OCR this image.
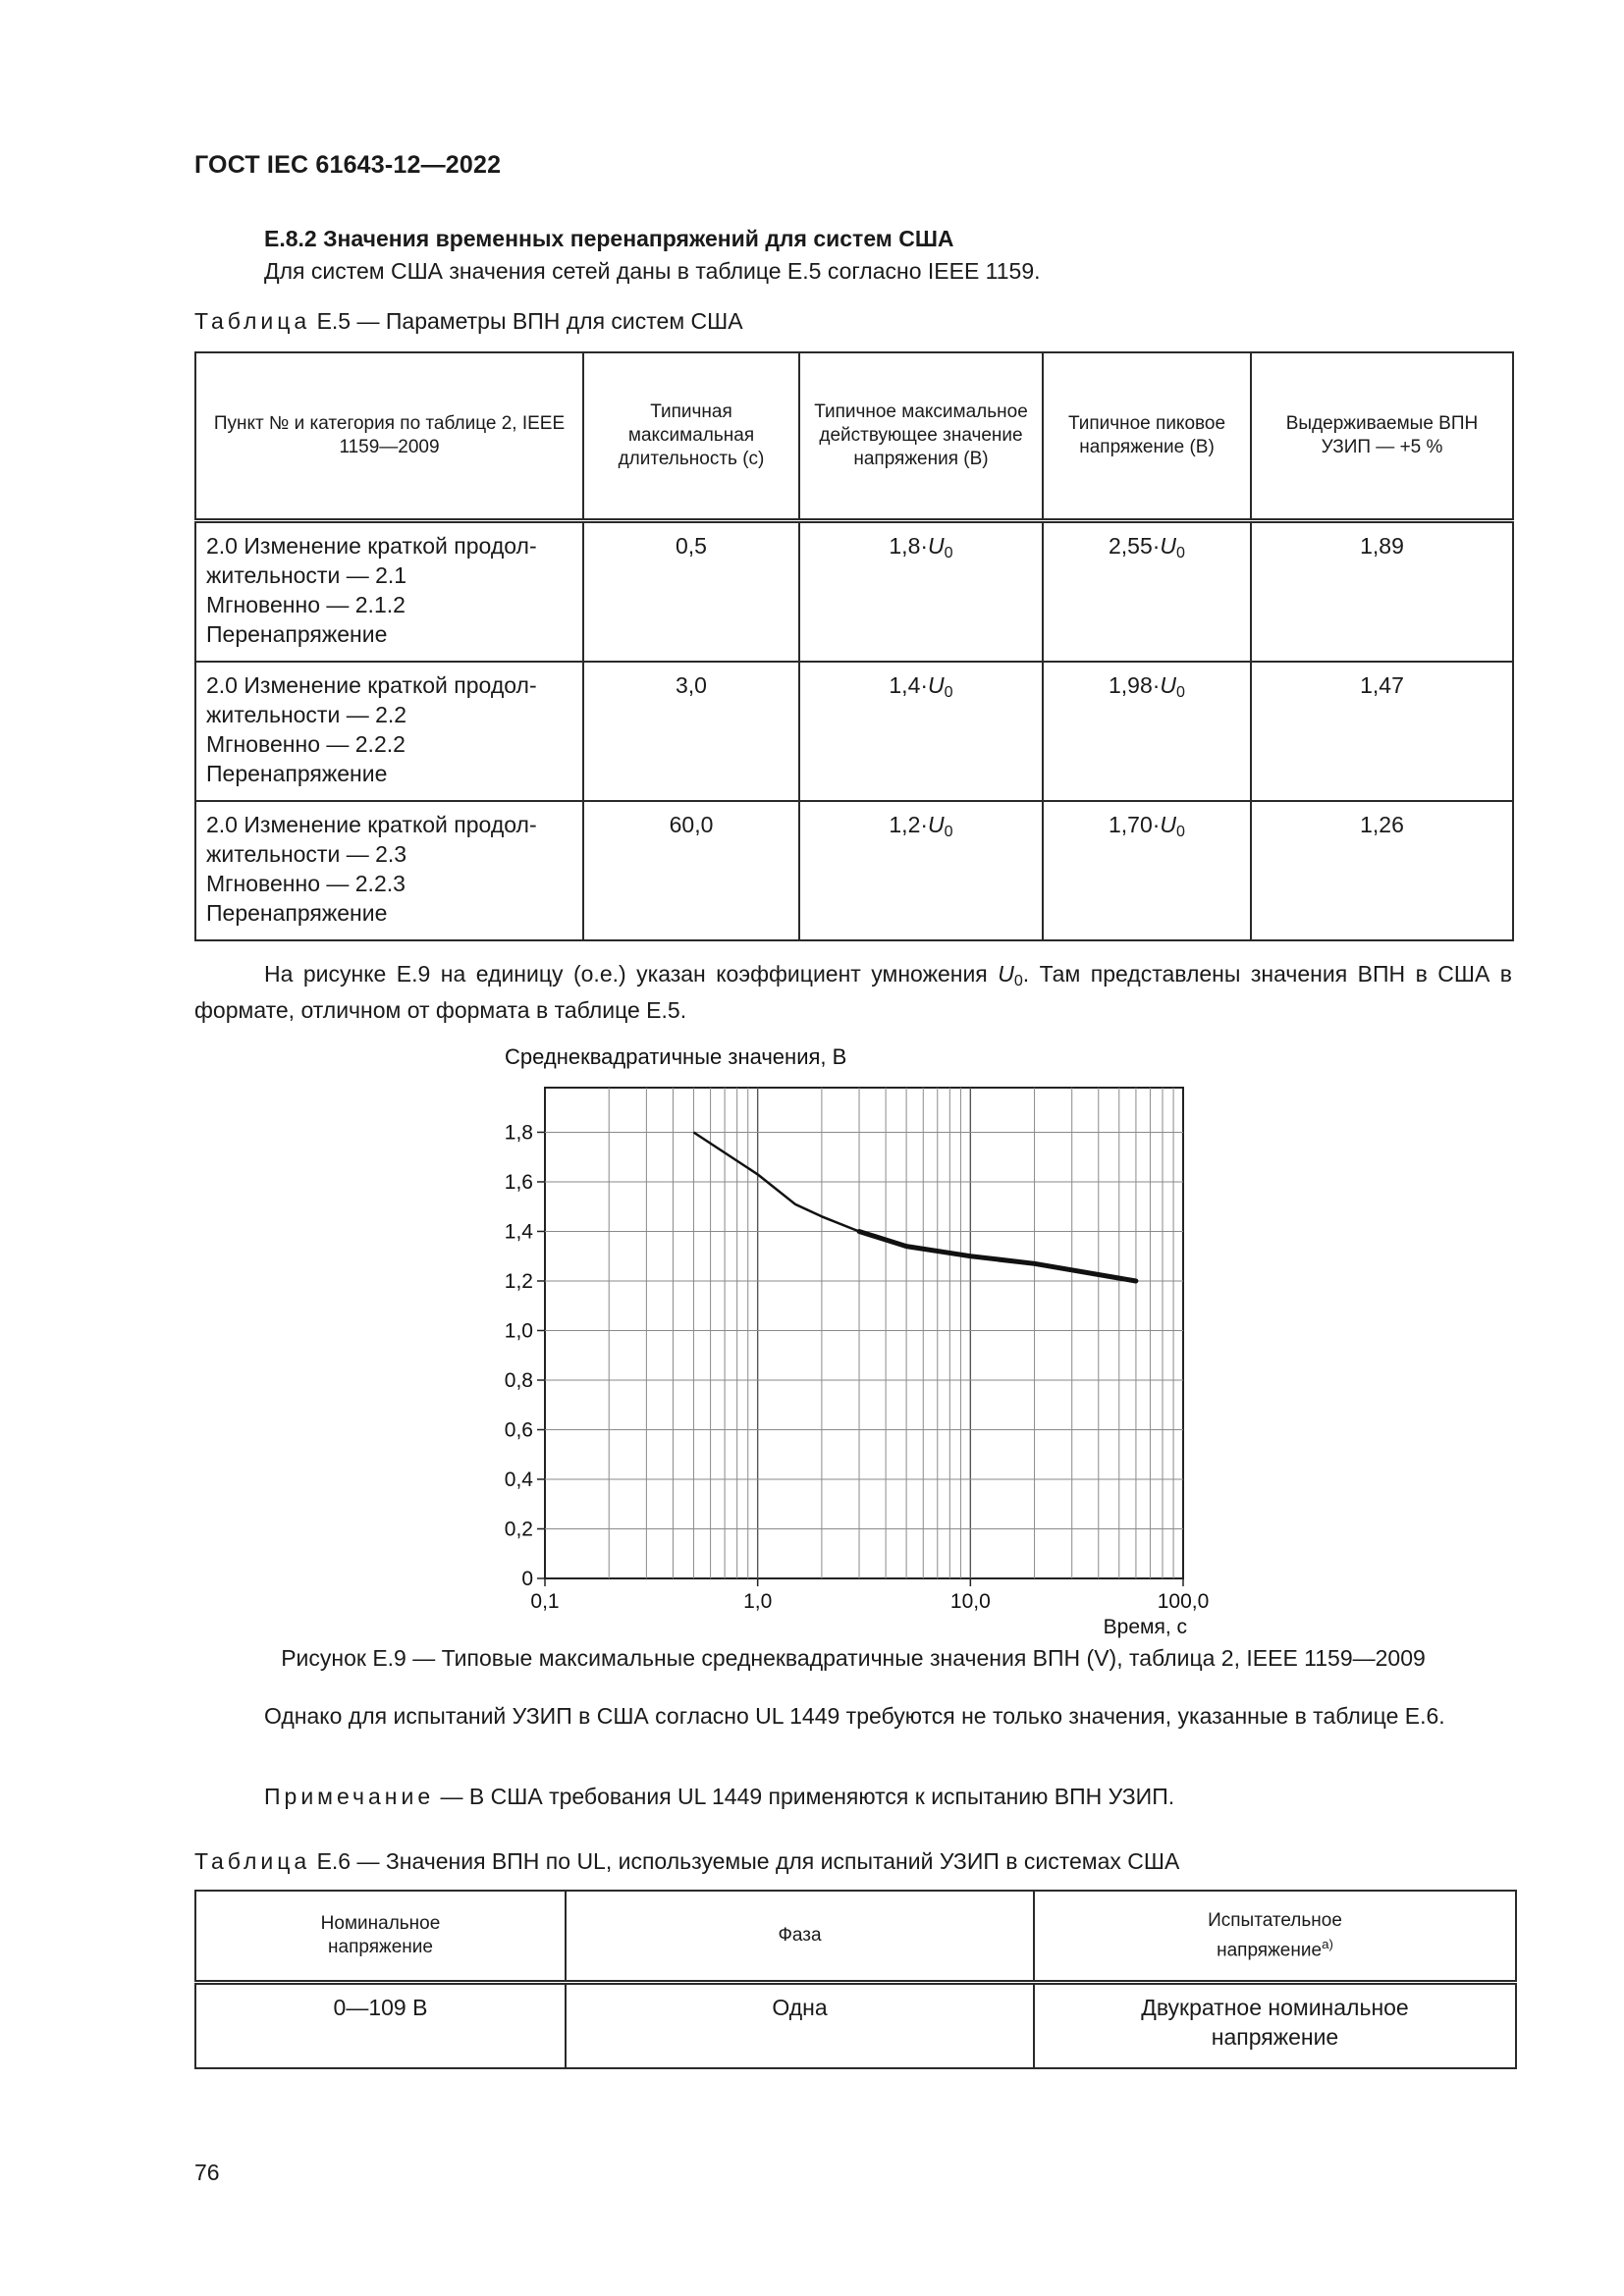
ГОСТ IEC 61643-12—2022
E.8.2 Значения временных перенапряжений для систем США
Для систем США значения сетей даны в таблице E.5 согласно IEEE 1159.
Таблица E.5 — Параметры ВПН для систем США
Пункт № и категория по таблице 2, IEEE 1159—2009	Типичная максимальная длительность (с)	Типичное максимальное действующее значение напряжения (В)	Типичное пиковое напряжение (В)	Выдерживаемые ВПН УЗИП — +5 %

2.0 Изменение краткой продол-
жительности — 2.1
Мгновенно — 2.1.2
Перенапряжение	0,5	$1,8\cdot U_0$	$2,55\cdot U_0$	1,89

2.0 Изменение краткой продол-
жительности — 2.2
Мгновенно — 2.2.2
Перенапряжение	3,0	$1,4\cdot U_0$	$1,98\cdot U_0$	1,47

2.0 Изменение краткой продол-
жительности — 2.3
Мгновенно — 2.2.3
Перенапряжение	60,0	$1,2\cdot U_0$	$1,70\cdot U_0$	1,26
На рисунке E.9 на единицу (о.е.) указан коэффициент умножения $U_0$. Там представлены значения ВПН в США в формате, отличном от формата в таблице E.5.
Среднеквадратичные значения, В
0
0,2
0,4
0,6
0,8
1,0
1,2
1,4
1,6
1,8
0,1	1,0	10,0	100,0
Время, с
Рисунок E.9 — Типовые максимальные среднеквадратичные значения ВПН (V), таблица 2, IEEE 1159—2009
Однако для испытаний УЗИП в США согласно UL 1449 требуются не только значения, указанные в таблице E.6.
Примечание — В США требования UL 1449 применяются к испытанию ВПН УЗИП.
Таблица E.6 — Значения ВПН по UL, используемые для испытаний УЗИП в системах США
Номинальное напряжение	Фаза	Испытательное напряжение$^{а)}$
0—109 В	Одна	Двукратное номинальное напряжение
76
